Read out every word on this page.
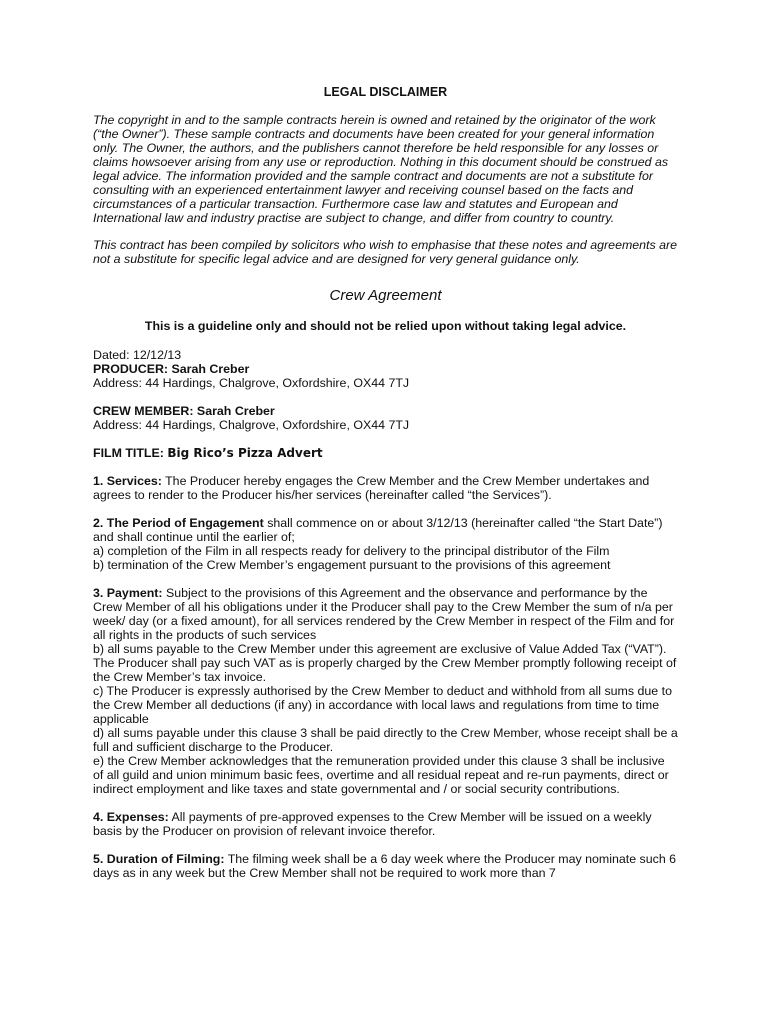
LEGAL DISCLAIMER

The copyright in and to the sample contracts herein is owned and retained by the originator of the work (“the Owner”). These sample contracts and documents have been created for your general information only. The Owner, the authors, and the publishers cannot therefore be held responsible for any losses or claims howsoever arising from any use or reproduction. Nothing in this document should be construed as legal advice. The information provided and the sample contract and documents are not a substitute for consulting with an experienced entertainment lawyer and receiving counsel based on the facts and circumstances of a particular transaction. Furthermore case law and statutes and European and International law and industry practise are subject to change, and differ from country to country.

This contract has been compiled by solicitors who wish to emphasise that these notes and agreements are not a substitute for specific legal advice and are designed for very general guidance only.

Crew Agreement
This is a guideline only and should not be relied upon without taking legal advice.

Dated: 12/12/13

PRODUCER: Sarah Creber

Address: 44 Hardings, Chalgrove, Oxfordshire, OX44 7TJ

CREW MEMBER: Sarah Creber

Address: 44 Hardings, Chalgrove, Oxfordshire, OX44 7TJ

FILM TITLE: Big Rico’s Pizza Advert

1. Services: The Producer hereby engages the Crew Member and the Crew Member undertakes and agrees to render to the Producer his/her services (hereinafter called “the Services”).

2. The Period of Engagement shall commence on or about 3/12/13 (hereinafter called “the Start Date”) and shall continue until the earlier of;
a) completion of the Film in all respects ready for delivery to the principal distributor of the Film
b) termination of the Crew Member’s engagement pursuant to the provisions of this agreement

3. Payment: Subject to the provisions of this Agreement and the observance and performance by the Crew Member of all his obligations under it the Producer shall pay to the Crew Member the sum of n/a per week/ day (or a fixed amount), for all services rendered by the Crew Member in respect of the Film and for all rights in the products of such services
b) all sums payable to the Crew Member under this agreement are exclusive of Value Added Tax (“VAT”). The Producer shall pay such VAT as is properly charged by the Crew Member promptly following receipt of the Crew Member’s tax invoice.
c) The Producer is expressly authorised by the Crew Member to deduct and withhold from all sums due to the Crew Member all deductions (if any) in accordance with local laws and regulations from time to time applicable
d) all sums payable under this clause 3 shall be paid directly to the Crew Member, whose receipt shall be a full and sufficient discharge to the Producer.
e) the Crew Member acknowledges that the remuneration provided under this clause 3 shall be inclusive of all guild and union minimum basic fees, overtime and all residual repeat and re-run payments, direct or indirect employment and like taxes and state governmental and / or social security contributions.

4. Expenses: All payments of pre-approved expenses to the Crew Member will be issued on a weekly basis by the Producer on provision of relevant invoice therefor.

5. Duration of Filming: The filming week shall be a 6 day week where the Producer may nominate such 6 days as in any week but the Crew Member shall not be required to work more than 7
